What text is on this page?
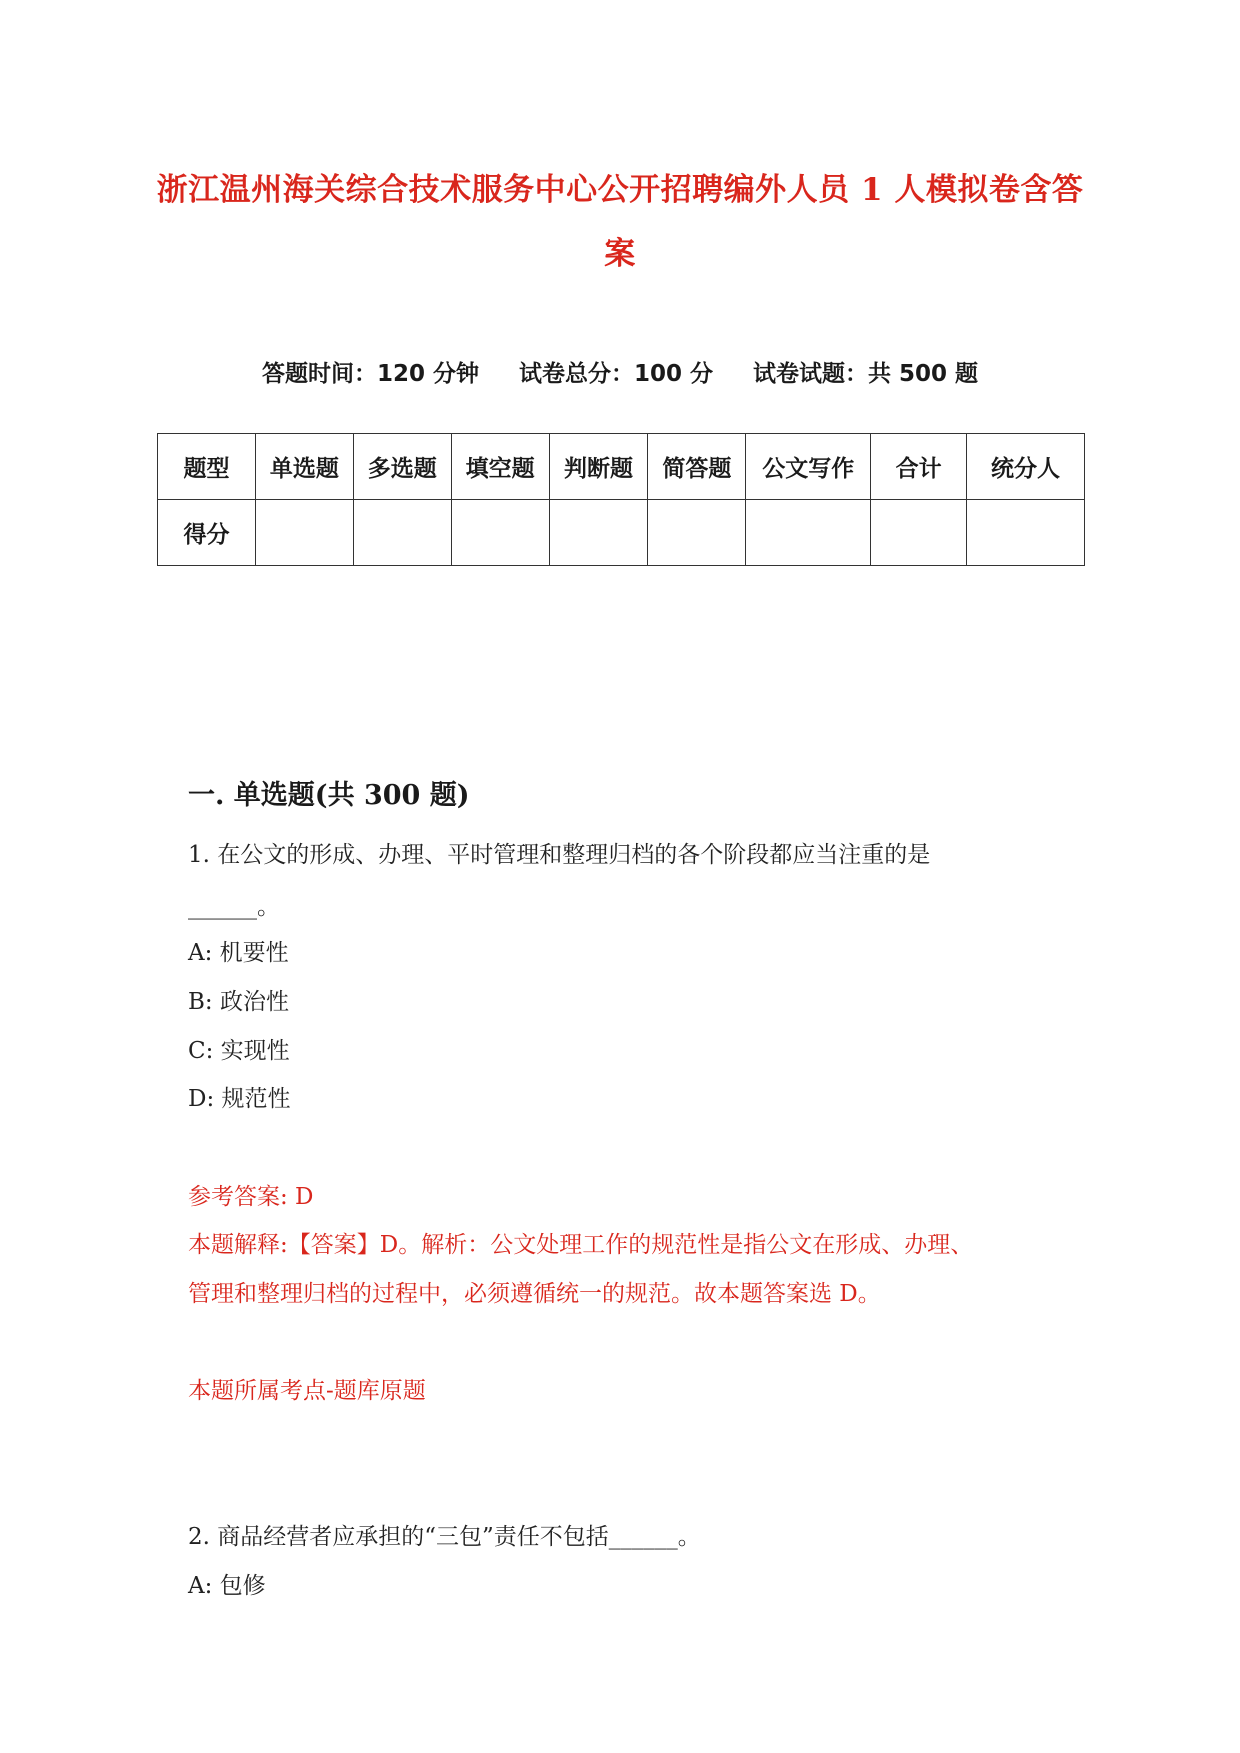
浙江温州海关综合技术服务中心公开招聘编外人员 1 人模拟卷含答
案
答题时间：120 分钟 试卷总分：100 分 试卷试题：共 500 题
题型	单选题	多选题	填空题	判断题	简答题	公文写作	合计	统分人
得分								
一. 单选题(共 300 题)
1. 在公文的形成、办理、平时管理和整理归档的各个阶段都应当注重的是
______。
A: 机要性
B: 政治性
C: 实现性
D: 规范性
参考答案: D
本题解释:【答案】D。解析：公文处理工作的规范性是指公文在形成、办理、
管理和整理归档的过程中，必须遵循统一的规范。故本题答案选 D。
本题所属考点-题库原题
2. 商品经营者应承担的“三包”责任不包括______。
A: 包修
